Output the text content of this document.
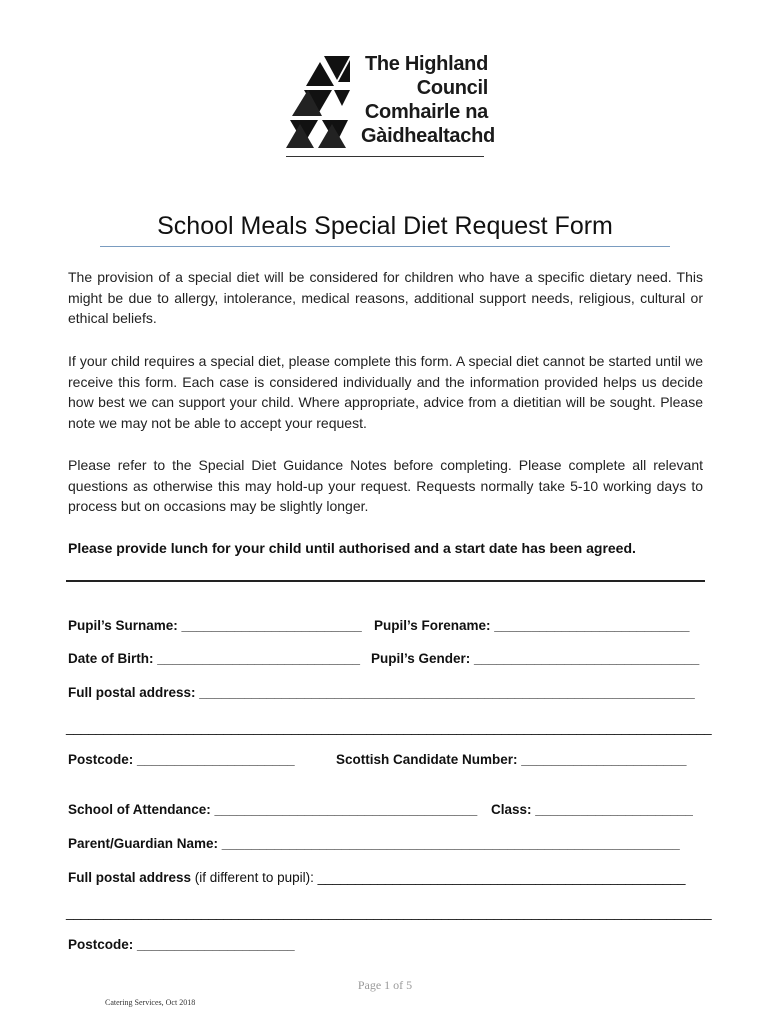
The Highland
Council
Comhairle na
Gàidhealtachd
School Meals Special Diet Request Form
The provision of a special diet will be considered for children who have a specific dietary need. This might be due to allergy, intolerance, medical reasons, additional support needs, religious, cultural or ethical beliefs.
If your child requires a special diet, please complete this form. A special diet cannot be started until we receive this form. Each case is considered individually and the information provided helps us decide how best we can support your child. Where appropriate, advice from a dietitian will be sought. Please note we may not be able to accept your request.
Please refer to the Special Diet Guidance Notes before completing. Please complete all relevant questions as otherwise this may hold-up your request. Requests normally take 5-10 working days to process but on occasions may be slightly longer.
Please provide lunch for your child until authorised and a start date has been agreed.
Pupil’s Surname: ________________________ Pupil’s Forename: __________________________
Date of Birth: ___________________________ Pupil’s Gender: ______________________________
Full postal address: __________________________________________________________________
______________________________________________________________________________________
Postcode: _____________________	Scottish Candidate Number: ______________________
School of Attendance: ___________________________________ Class: _____________________
Parent/Guardian Name: _____________________________________________________________
Full postal address (if different to pupil): _________________________________________________
______________________________________________________________________________________
Postcode: _____________________
Page 1 of 5
Catering Services, Oct 2018
